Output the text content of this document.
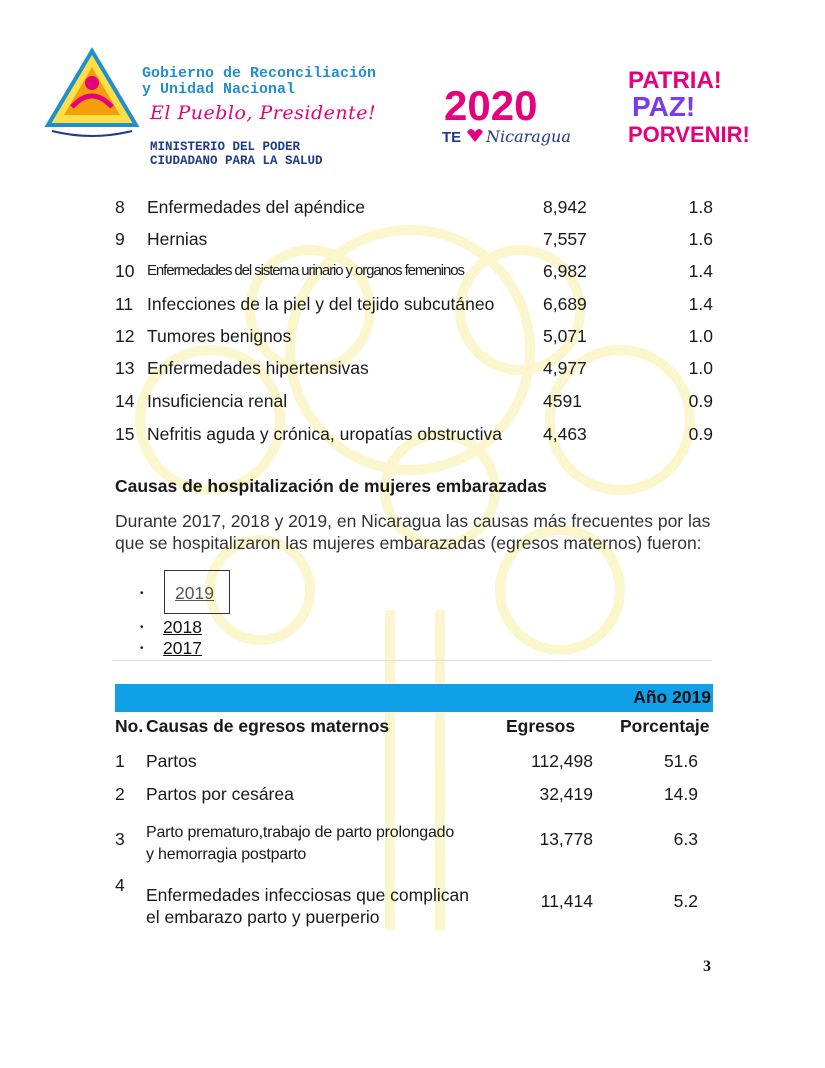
Gobierno de Reconciliación
y Unidad Nacional
El Pueblo, Presidente!
MINISTERIO DEL PODER
CIUDADANO PARA LA SALUD
2020
TE Nicaragua
PATRIA!
PAZ!
PORVENIR!
8 Enfermedades del apéndice	8,942	1.8
9 Hernias	7,557	1.6
10 Enfermedades del sistema urinario y organos femeninos	6,982	1.4
11 Infecciones de la piel y del tejido subcutáneo	6,689	1.4
12 Tumores benignos	5,071	1.0
13 Enfermedades hipertensivas	4,977	1.0
14 Insuficiencia renal	4591	0.9
15 Nefritis aguda y crónica, uropatías obstructiva 4,463	0.9
Causas de hospitalización de mujeres embarazadas
Durante 2017, 2018 y 2019, en Nicaragua las causas más frecuentes por las
que se hospitalizaron las mujeres embarazadas (egresos maternos) fueron:
• 2019
• 2018
• 2017
Año 2019
No. Causas de egresos maternos	Egresos	Porcentaje
1 Partos	112,498	51.6
2 Partos por cesárea	32,419	14.9
3 Parto prematuro,trabajo de parto prolongado
y hemorragia postparto
13,778	6.3
4 Enfermedades infecciosas que complican
el embarazo parto y puerperio
11,414	5.2
3
